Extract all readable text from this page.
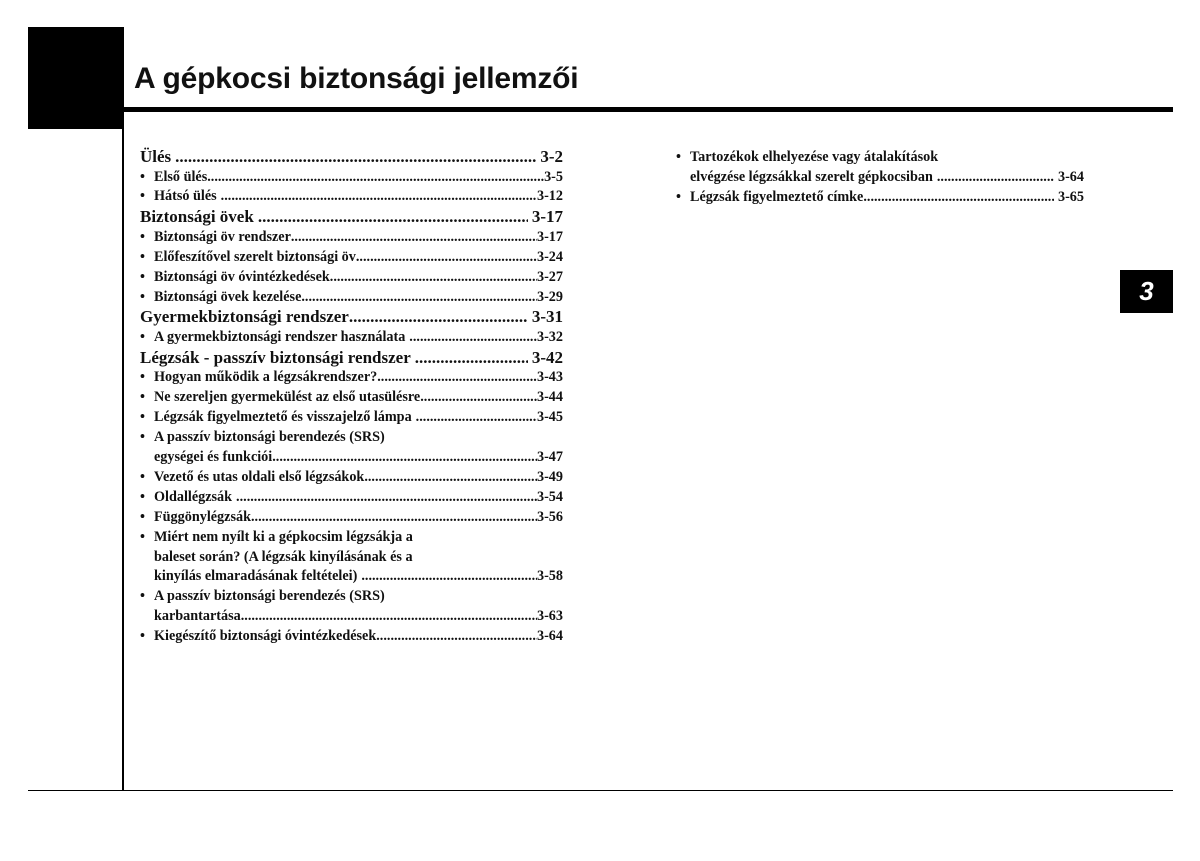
A gépkocsi biztonsági jellemzői
3
Ülés .....	3-2
• Első ülés .....	3-5
• Hátsó ülés .....	3-12
Biztonsági övek .....	3-17
• Biztonsági öv rendszer .....	3-17
• Előfeszítővel szerelt biztonsági öv .....	3-24
• Biztonsági öv óvintézkedések .....	3-27
• Biztonsági övek kezelése .....	3-29
Gyermekbiztonsági rendszer .....	3-31
• A gyermekbiztonsági rendszer használata .....	3-32
Légzsák - passzív biztonsági rendszer .....	3-42
• Hogyan működik a légzsákrendszer? .....	3-43
• Ne szereljen gyermekülést az első utasülésre .....	3-44
• Légzsák figyelmeztető és visszajelző lámpa .....	3-45
• A passzív biztonsági berendezés (SRS)
egységei és funkciói .....	3-47
• Vezető és utas oldali első légzsákok .....	3-49
• Oldallégzsák .....	3-54
• Függönylégzsák .....	3-56
• Miért nem nyílt ki a gépkocsim légzsákja a
baleset során? (A légzsák kinyílásának és a
kinyílás elmaradásának feltételei) .....	3-58
• A passzív biztonsági berendezés (SRS)
karbantartása .....	3-63
• Kiegészítő biztonsági óvintézkedések .....	3-64
• Tartozékok elhelyezése vagy átalakítások
elvégzése légzsákkal szerelt gépkocsiban .....	3-64
• Légzsák figyelmeztető címke .....	3-65
